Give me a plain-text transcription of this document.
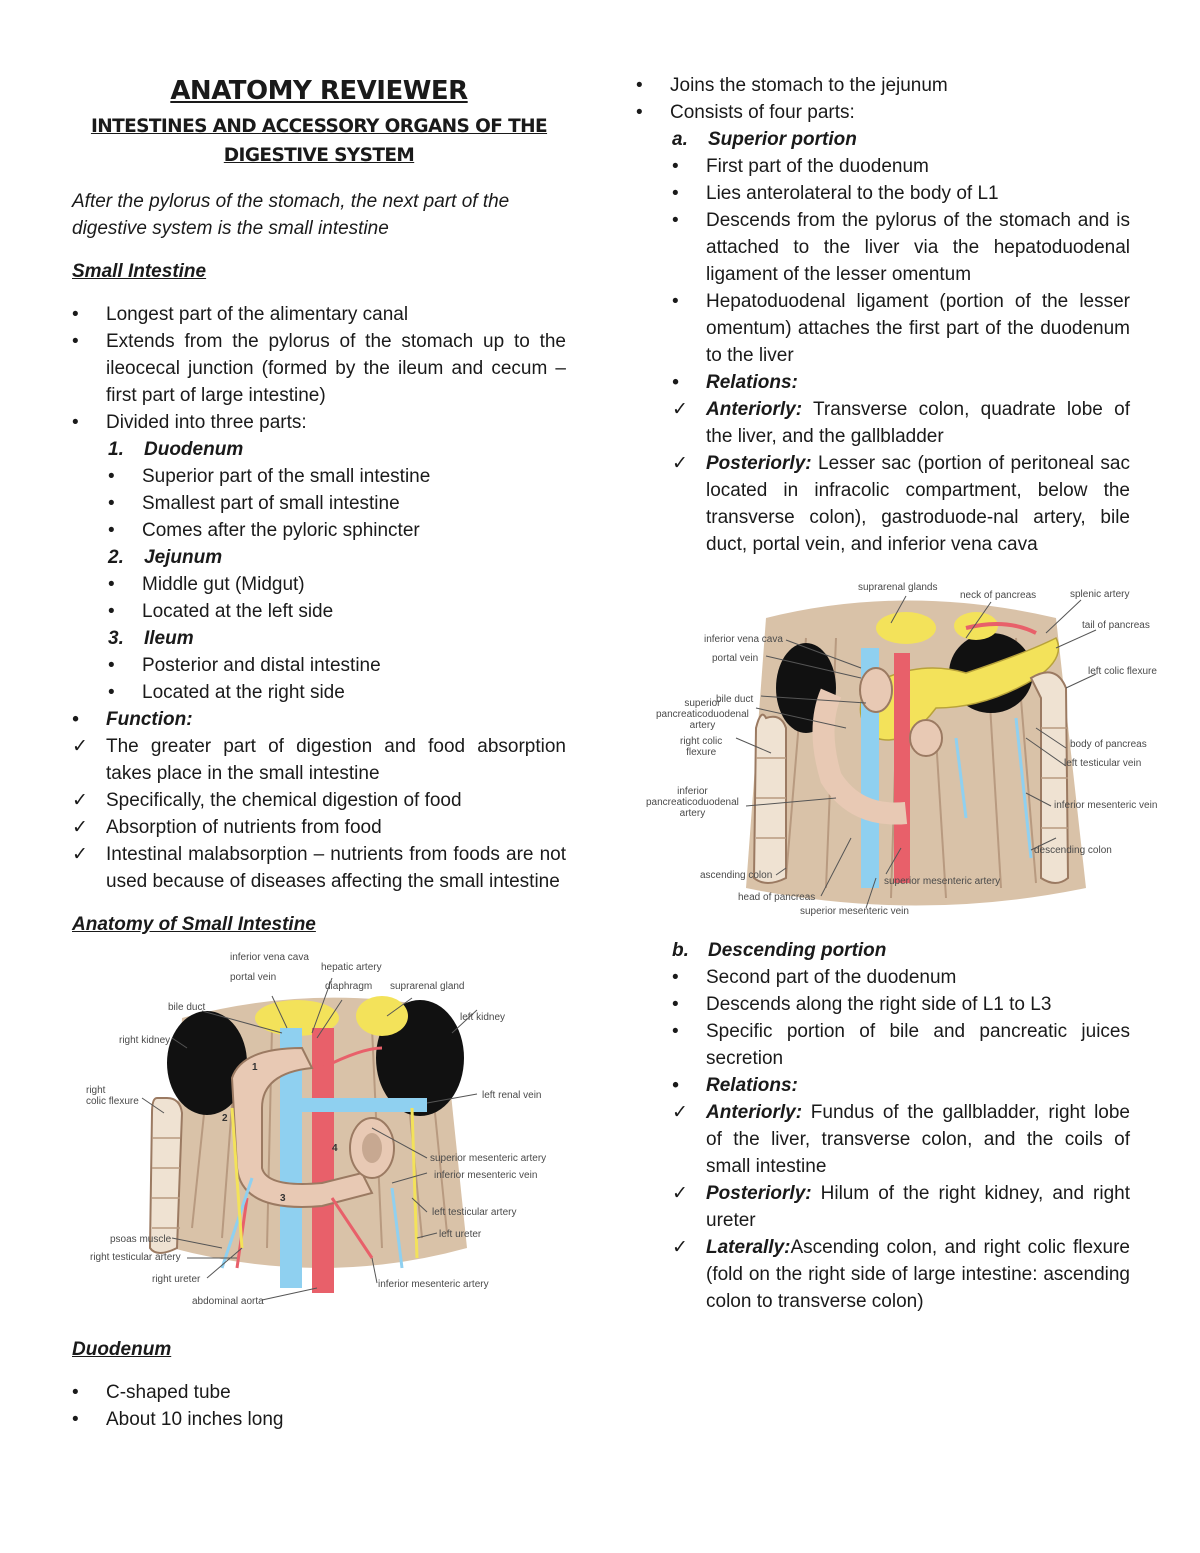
ANATOMY REVIEWER
INTESTINES AND ACCESSORY ORGANS OF THE
DIGESTIVE SYSTEM
After the pylorus of the stomach, the next part of the digestive system is the small intestine
Small Intestine
• Longest part of the alimentary canal
• Extends from the pylorus of the stomach up to the ileocecal junction (formed by the ileum and cecum – first part of large intestine)
• Divided into three parts:
1. Duodenum
• Superior part of the small intestine
• Smallest part of small intestine
• Comes after the pyloric sphincter
2. Jejunum
• Middle gut (Midgut)
• Located at the left side
3. Ileum
• Posterior and distal intestine
• Located at the right side
• Function:
✓ The greater part of digestion and food absorption takes place in the small intestine
✓ Specifically, the chemical digestion of food
✓ Absorption of nutrients from food
✓ Intestinal malabsorption – nutrients from foods are not used because of diseases affecting the small intestine
Anatomy of Small Intestine
inferior vena cava
hepatic artery
portal vein
diaphragm suprarenal gland
bile duct
left kidney
right kidney
right
colic flexure
left renal vein
superior mesenteric artery
inferior mesenteric vein
left testicular artery
psoas muscle	left ureter
right testicular artery
right ureter	inferior mesenteric artery
abdominal aorta
1
2
3
4
Duodenum
• C-shaped tube
• About 10 inches long
• Joins the stomach to the jejunum
• Consists of four parts:
a. Superior portion
• First part of the duodenum
• Lies anterolateral to the body of L1
• Descends from the pylorus of the stomach and is attached to the liver via the hepatoduodenal ligament of the lesser omentum
• Hepatoduodenal ligament (portion of the lesser omentum) attaches the first part of the duodenum to the liver
• Relations:
✓ Anteriorly: Transverse colon, quadrate lobe of the liver, and the gallbladder
✓ Posteriorly: Lesser sac (portion of peritoneal sac located in infracolic compartment, below the transverse colon), gastroduode-nal artery, bile duct, portal vein, and inferior vena cava
suprarenal glands
neck of pancreas	splenic artery
tail of pancreas
inferior vena cava
portal vein
left colic flexure
bile duct
superior
pancreaticoduodenal
artery
right colic
flexure
body of pancreas
left testicular vein
inferior
pancreaticoduodenal
artery
inferior mesenteric vein
descending colon
ascending colon
superior mesenteric artery
head of pancreas
superior mesenteric vein
b. Descending portion
• Second part of the duodenum
• Descends along the right side of L1 to L3
• Specific portion of bile and pancreatic juices secretion
• Relations:
✓ Anteriorly: Fundus of the gallbladder, right lobe of the liver, transverse colon, and the coils of small intestine
✓ Posteriorly: Hilum of the right kidney, and right ureter
✓ Laterally:Ascending colon, and right colic flexure (fold on the right side of large intestine: ascending colon to transverse colon)
